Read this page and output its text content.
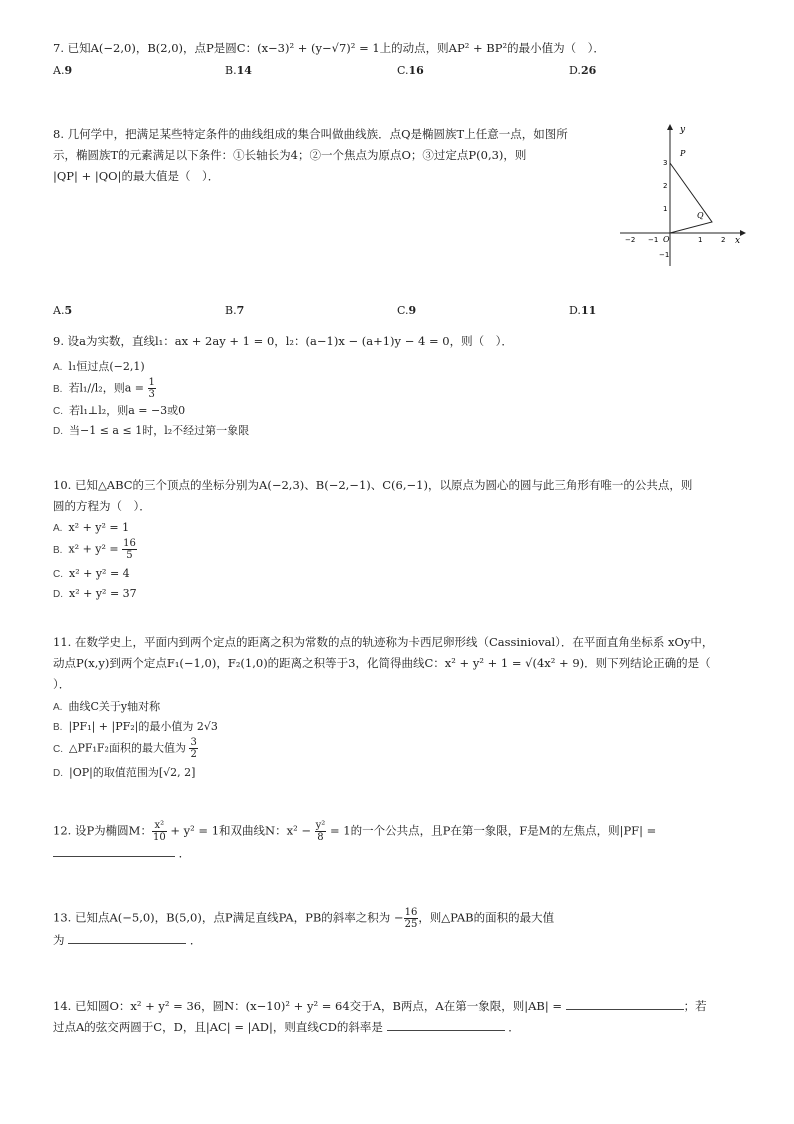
7. 已知A(−2,0)，B(2,0)，点P是圆C：(x−3)² + (y−√7)² = 1上的动点，则AP² + BP²的最小值为（　）．
A.9	B.14	C.16	D.26
8. 几何学中，把满足某些特定条件的曲线组成的集合叫做曲线族．点Q是椭圆族T上任意一点，如图所
示，椭圆族T的元素满足以下条件：①长轴长为4；②一个焦点为原点O；③过定点P(0,3)，则
|QP| + |QO|的最大值是（　）．
y
x
O
3
2
1
−1
−2 −1	1	2
P
Q
A.5	B.7	C.9	D.11
9. 设a为实数，直线l₁：ax + 2ay + 1 = 0，l₂：(a−1)x − (a+1)y − 4 = 0，则（　）．
A. l₁恒过点(−2,1)
B. 若l₁//l₂，则$a = \frac{1}{3}$
C. 若l₁⊥l₂，则a = −3或0
D. 当−1 ≤ a ≤ 1时，l₂不经过第一象限
10. 已知△ABC的三个顶点的坐标分别为A(−2,3)、B(−2,−1)、C(6,−1)，以原点为圆心的圆与此三角形有唯一的公共点，则
圆的方程为（　）．
A. x² + y² = 1
B. $x^2 + y^2 = \frac{16}{5}$
C. x² + y² = 4
D. x² + y² = 37
11. 在数学史上，平面内到两个定点的距离之积为常数的点的轨迹称为卡西尼卵形线（Cassinioval）．在平面直角坐标系 xOy中，
动点P(x,y)到两个定点F₁(−1,0)，F₂(1,0)的距离之积等于3，化简得曲线C：x² + y² + 1 = √(4x² + 9)．则下列结论正确的是（
）．
A. 曲线C关于y轴对称
B. |PF₁| + |PF₂|的最小值为 2√3
C. △PF₁F₂面积的最大值为 $\frac{3}{2}$
D. |OP|的取值范围为[√2, 2]
12. 设P为椭圆M： $\frac{\text{x²}}{10} + y^2 = 1$和双曲线N：$x^2 - \frac{\text{y²}}{8} = 1$的一个公共点，且P在第一象限，F是M的左焦点，则|PF| =
．
13. 已知点A(−5,0)，B(5,0)，点P满足直线PA，PB的斜率之积为 − $\frac{16}{25}$ ，则△PAB的面积的最大值
为	．
14. 已知圆O：x² + y² = 36，圆N：(x−10)² + y² = 64交于A，B两点，A在第一象限，则|AB| =	；若
过点A的弦交两圆于C，D，且|AC| = |AD|，则直线CD的斜率是	．
